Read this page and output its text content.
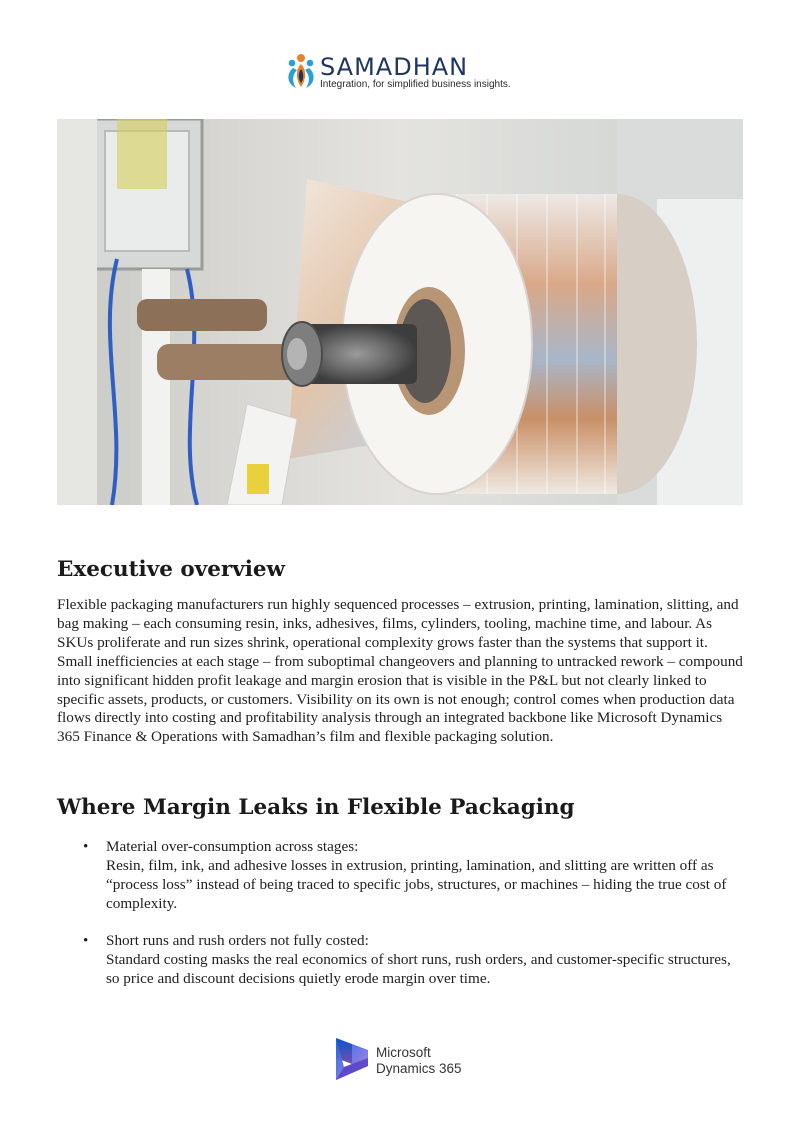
SAMADHAN
Integration, for simplified business insights.
Executive overview

Flexible packaging manufacturers run highly sequenced processes – extrusion, printing, lamination, slitting, and bag making – each consuming resin, inks, adhesives, films, cylinders, tooling, machine time, and labour. As SKUs proliferate and run sizes shrink, operational complexity grows faster than the systems that support it. Small inefficiencies at each stage – from suboptimal changeovers and planning to untracked rework – compound into significant hidden profit leakage and margin erosion that is visible in the P&L but not clearly linked to specific assets, products, or customers. Visibility on its own is not enough; control comes when production data flows directly into costing and profitability analysis through an integrated backbone like Microsoft Dynamics 365 Finance & Operations with Samadhan’s film and flexible packaging solution.

Where Margin Leaks in Flexible Packaging
• Material over-consumption across stages:
Resin, film, ink, and adhesive losses in extrusion, printing, lamination, and slitting are written off as “process loss” instead of being traced to specific jobs, structures, or machines – hiding the true cost of complexity.
• Short runs and rush orders not fully costed:
Standard costing masks the real economics of short runs, rush orders, and customer-specific structures, so price and discount decisions quietly erode margin over time.
Microsoft
Dynamics 365
